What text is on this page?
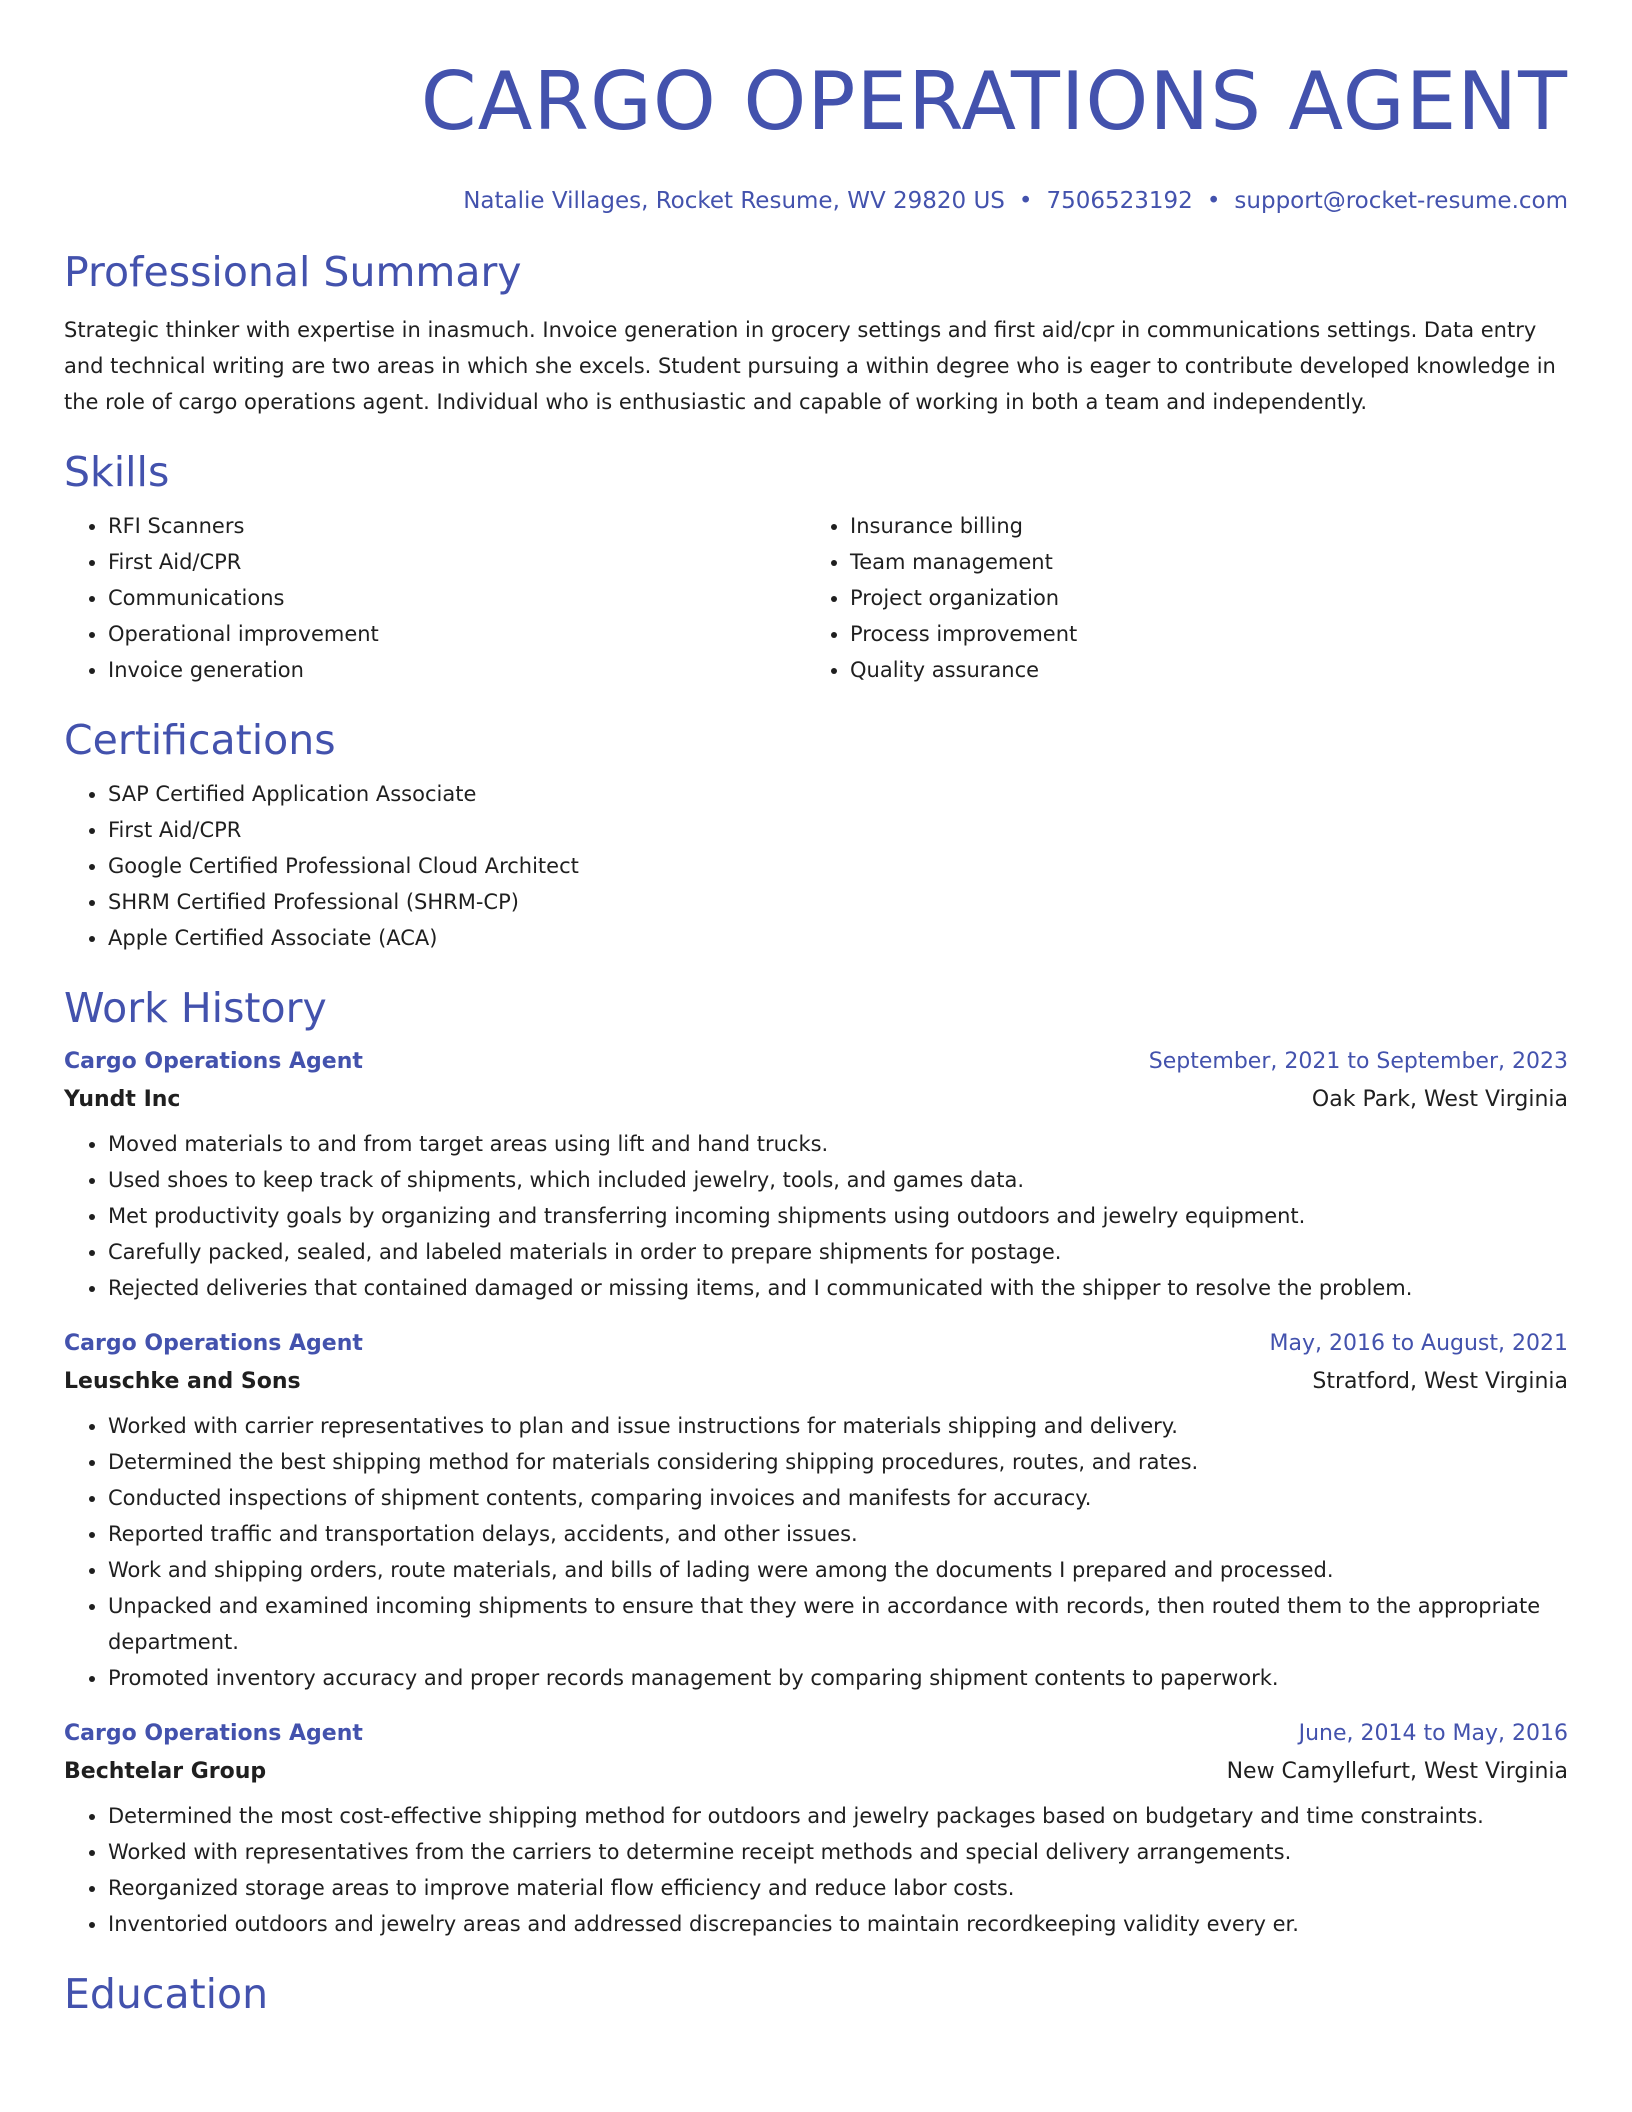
CARGO OPERATIONS AGENT
Natalie Villages, Rocket Resume, WV 29820 US • 7506523192 • support@rocket-resume.com
Professional Summary
Strategic thinker with expertise in inasmuch. Invoice generation in grocery settings and first aid/cpr in communications settings. Data entry and technical writing are two areas in which she excels. Student pursuing a within degree who is eager to contribute developed knowledge in the role of cargo operations agent. Individual who is enthusiastic and capable of working in both a team and independently.
Skills
• RFI Scanners
• First Aid/CPR
• Communications
• Operational improvement
• Invoice generation
• Insurance billing
• Team management
• Project organization
• Process improvement
• Quality assurance
Certifications
• SAP Certified Application Associate
• First Aid/CPR
• Google Certified Professional Cloud Architect
• SHRM Certified Professional (SHRM-CP)
• Apple Certified Associate (ACA)
Work History
Cargo Operations Agent	September, 2021 to September, 2023
Yundt Inc	Oak Park, West Virginia
• Moved materials to and from target areas using lift and hand trucks.
• Used shoes to keep track of shipments, which included jewelry, tools, and games data.
• Met productivity goals by organizing and transferring incoming shipments using outdoors and jewelry equipment.
• Carefully packed, sealed, and labeled materials in order to prepare shipments for postage.
• Rejected deliveries that contained damaged or missing items, and I communicated with the shipper to resolve the problem.
Cargo Operations Agent	May, 2016 to August, 2021
Leuschke and Sons	Stratford, West Virginia
• Worked with carrier representatives to plan and issue instructions for materials shipping and delivery.
• Determined the best shipping method for materials considering shipping procedures, routes, and rates.
• Conducted inspections of shipment contents, comparing invoices and manifests for accuracy.
• Reported traffic and transportation delays, accidents, and other issues.
• Work and shipping orders, route materials, and bills of lading were among the documents I prepared and processed.
• Unpacked and examined incoming shipments to ensure that they were in accordance with records, then routed them to the appropriate department.
• Promoted inventory accuracy and proper records management by comparing shipment contents to paperwork.
Cargo Operations Agent	June, 2014 to May, 2016
Bechtelar Group	New Camyllefurt, West Virginia
• Determined the most cost-effective shipping method for outdoors and jewelry packages based on budgetary and time constraints.
• Worked with representatives from the carriers to determine receipt methods and special delivery arrangements.
• Reorganized storage areas to improve material flow efficiency and reduce labor costs.
• Inventoried outdoors and jewelry areas and addressed discrepancies to maintain recordkeeping validity every er.
Education
